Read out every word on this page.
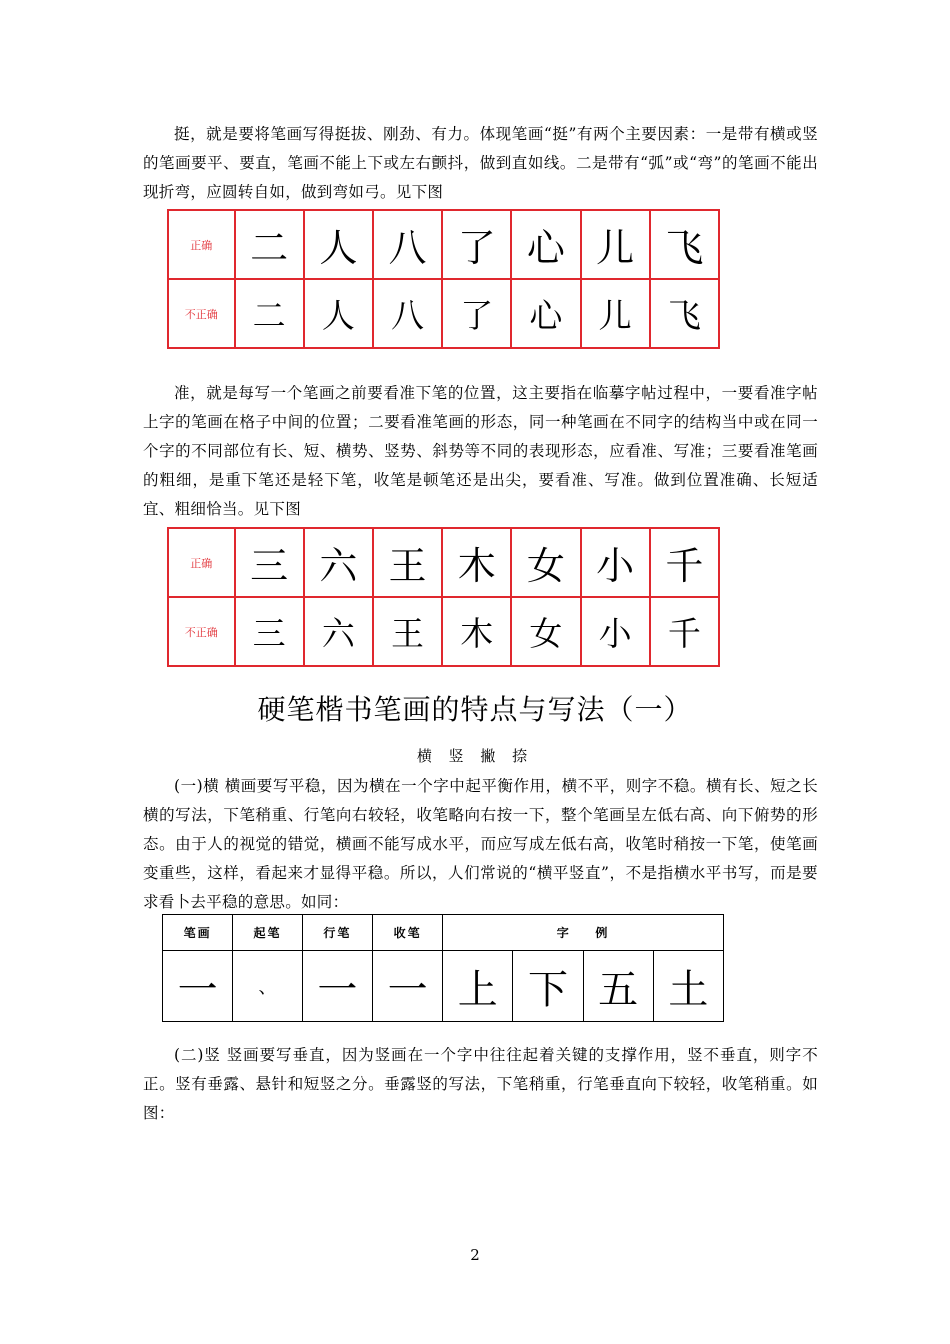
挺，就是要将笔画写得挺拔、刚劲、有力。体现笔画“挺”有两个主要因素：一是带有横或竖的笔画要平、要直，笔画不能上下或左右颤抖，做到直如线。二是带有“弧”或“弯”的笔画不能出现折弯，应圆转自如，做到弯如弓。见下图

正确	二	人	八	了	心	儿	飞
不正确	二	人	八	了	心	儿	飞

准，就是每写一个笔画之前要看准下笔的位置，这主要指在临摹字帖过程中，一要看准字帖上字的笔画在格子中间的位置；二要看准笔画的形态，同一种笔画在不同字的结构当中或在同一个字的不同部位有长、短、横势、竖势、斜势等不同的表现形态，应看准、写准；三要看准笔画的粗细，是重下笔还是轻下笔，收笔是顿笔还是出尖，要看准、写准。做到位置准确、长短适宜、粗细恰当。见下图

正确	三	六	王	木	女	小	千
不正确	三	六	王	木	女	小	千
硬笔楷书笔画的特点与写法（一）
横 竖 撇 捺

(一)横 横画要写平稳，因为横在一个字中起平衡作用，横不平，则字不稳。横有长、短之长横的写法，下笔稍重、行笔向右较轻，收笔略向右按一下，整个笔画呈左低右高、向下俯势的形态。由于人的视觉的错觉，横画不能写成水平，而应写成左低右高，收笔时稍按一下笔，使笔画变重些，这样，看起来才显得平稳。所以，人们常说的“横平竖直”，不是指横水平书写，而是要求看卜去平稳的意思。如同：

笔画	起笔	行笔	收笔	字    例			
一	、	一	一	上	下	五	土

(二)竖 竖画要写垂直，因为竖画在一个字中往往起着关键的支撑作用，竖不垂直，则字不正。竖有垂露、悬针和短竖之分。垂露竖的写法，下笔稍重，行笔垂直向下较轻，收笔稍重。如图：

2
